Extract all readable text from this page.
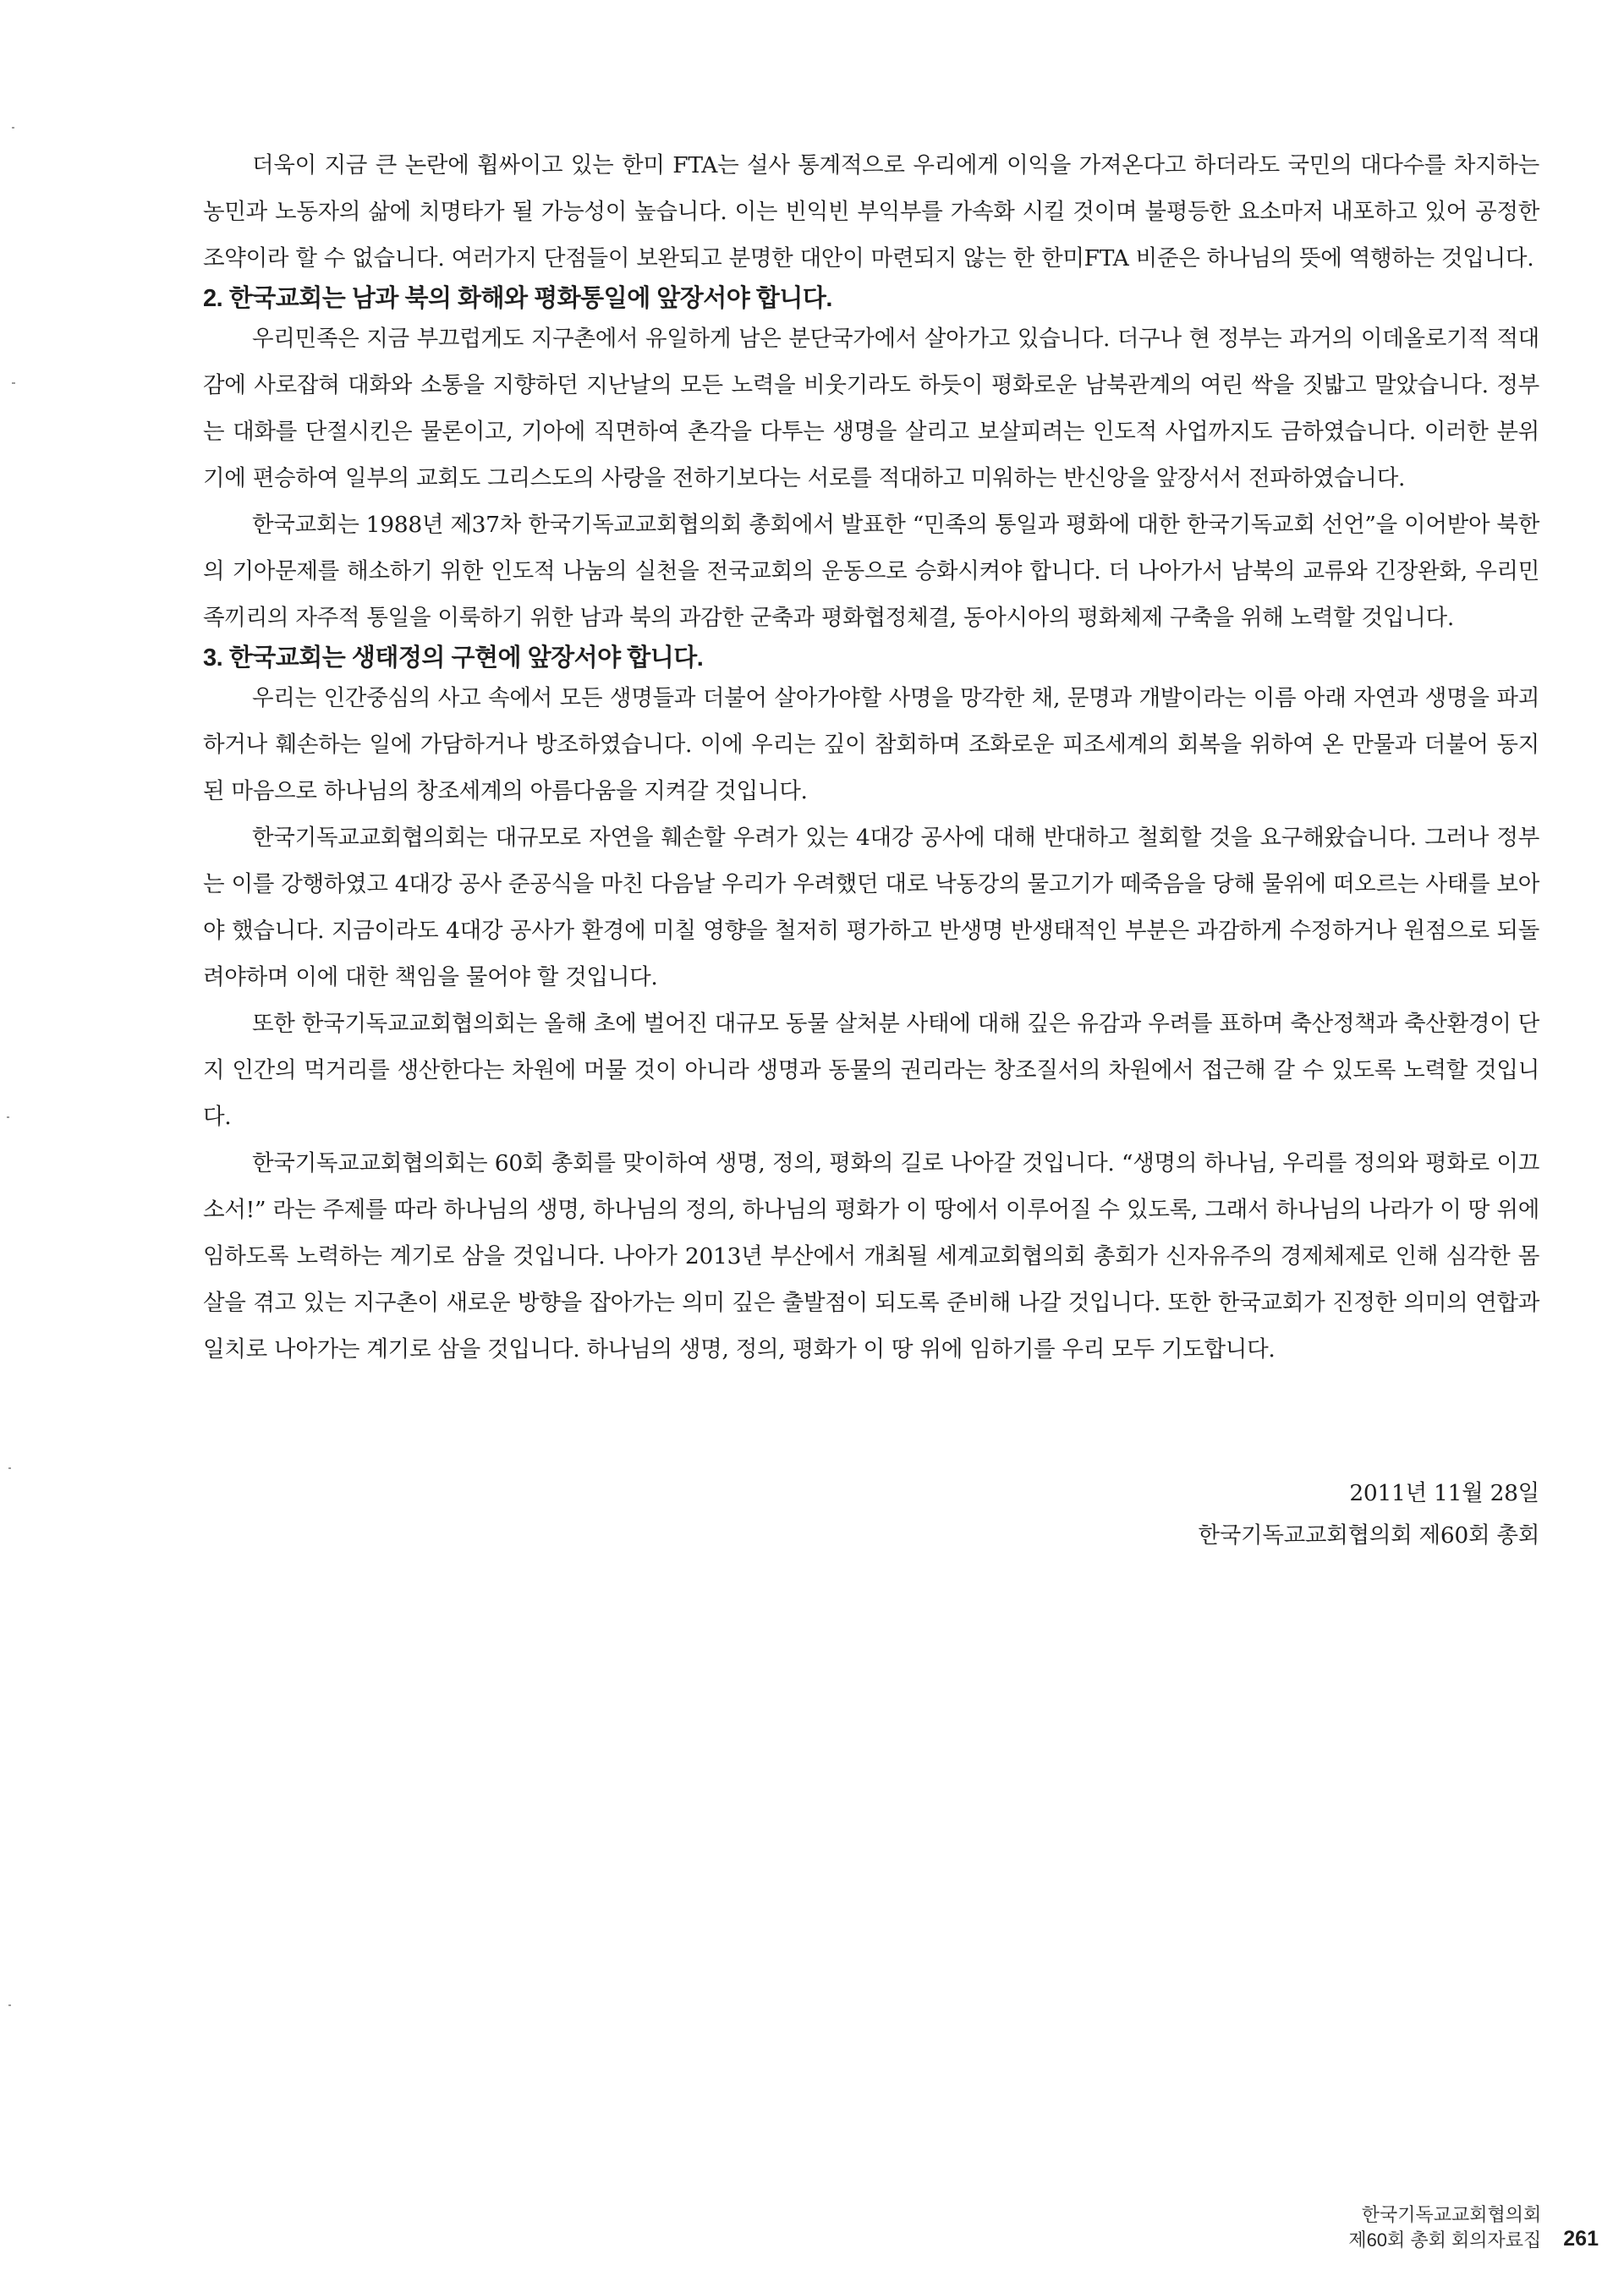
더욱이 지금 큰 논란에 휩싸이고 있는 한미 FTA는 설사 통계적으로 우리에게 이익을 가져온다고 하더라도 국민의 대다수를 차지하는 농민과 노동자의 삶에 치명타가 될 가능성이 높습니다. 이는 빈익빈 부익부를 가속화 시킬 것이며 불평등한 요소마저 내포하고 있어 공정한 조약이라 할 수 없습니다. 여러가지 단점들이 보완되고 분명한 대안이 마련되지 않는 한 한미FTA 비준은 하나님의 뜻에 역행하는 것입니다.

2. 한국교회는 남과 북의 화해와 평화통일에 앞장서야 합니다.

우리민족은 지금 부끄럽게도 지구촌에서 유일하게 남은 분단국가에서 살아가고 있습니다. 더구나 현 정부는 과거의 이데올로기적 적대감에 사로잡혀 대화와 소통을 지향하던 지난날의 모든 노력을 비웃기라도 하듯이 평화로운 남북관계의 여린 싹을 짓밟고 말았습니다. 정부는 대화를 단절시킨은 물론이고, 기아에 직면하여 촌각을 다투는 생명을 살리고 보살피려는 인도적 사업까지도 금하였습니다. 이러한 분위기에 편승하여 일부의 교회도 그리스도의 사랑을 전하기보다는 서로를 적대하고 미워하는 반신앙을 앞장서서 전파하였습니다.

한국교회는 1988년 제37차 한국기독교교회협의회 총회에서 발표한 “민족의 통일과 평화에 대한 한국기독교회 선언”을 이어받아 북한의 기아문제를 해소하기 위한 인도적 나눔의 실천을 전국교회의 운동으로 승화시켜야 합니다. 더 나아가서 남북의 교류와 긴장완화, 우리민족끼리의 자주적 통일을 이룩하기 위한 남과 북의 과감한 군축과 평화협정체결, 동아시아의 평화체제 구축을 위해 노력할 것입니다.

3. 한국교회는 생태정의 구현에 앞장서야 합니다.

우리는 인간중심의 사고 속에서 모든 생명들과 더불어 살아가야할 사명을 망각한 채, 문명과 개발이라는 이름 아래 자연과 생명을 파괴하거나 훼손하는 일에 가담하거나 방조하였습니다. 이에 우리는 깊이 참회하며 조화로운 피조세계의 회복을 위하여 온 만물과 더불어 동지된 마음으로 하나님의 창조세계의 아름다움을 지켜갈 것입니다.

한국기독교교회협의회는 대규모로 자연을 훼손할 우려가 있는 4대강 공사에 대해 반대하고 철회할 것을 요구해왔습니다. 그러나 정부는 이를 강행하였고 4대강 공사 준공식을 마친 다음날 우리가 우려했던 대로 낙동강의 물고기가 떼죽음을 당해 물위에 떠오르는 사태를 보아야 했습니다. 지금이라도 4대강 공사가 환경에 미칠 영향을 철저히 평가하고 반생명 반생태적인 부분은 과감하게 수정하거나 원점으로 되돌려야하며 이에 대한 책임을 물어야 할 것입니다.

또한 한국기독교교회협의회는 올해 초에 벌어진 대규모 동물 살처분 사태에 대해 깊은 유감과 우려를 표하며 축산정책과 축산환경이 단지 인간의 먹거리를 생산한다는 차원에 머물 것이 아니라 생명과 동물의 권리라는 창조질서의 차원에서 접근해 갈 수 있도록 노력할 것입니다.

한국기독교교회협의회는 60회 총회를 맞이하여 생명, 정의, 평화의 길로 나아갈 것입니다. “생명의 하나님, 우리를 정의와 평화로 이끄소서!” 라는 주제를 따라 하나님의 생명, 하나님의 정의, 하나님의 평화가 이 땅에서 이루어질 수 있도록, 그래서 하나님의 나라가 이 땅 위에 임하도록 노력하는 계기로 삼을 것입니다. 나아가 2013년 부산에서 개최될 세계교회협의회 총회가 신자유주의 경제체제로 인해 심각한 몸살을 겪고 있는 지구촌이 새로운 방향을 잡아가는 의미 깊은 출발점이 되도록 준비해 나갈 것입니다. 또한 한국교회가 진정한 의미의 연합과 일치로 나아가는 계기로 삼을 것입니다. 하나님의 생명, 정의, 평화가 이 땅 위에 임하기를 우리 모두 기도합니다.

2011년 11월 28일
한국기독교교회협의회 제60회 총회
한국기독교교회협의회
제60회 총회 회의자료집 261
